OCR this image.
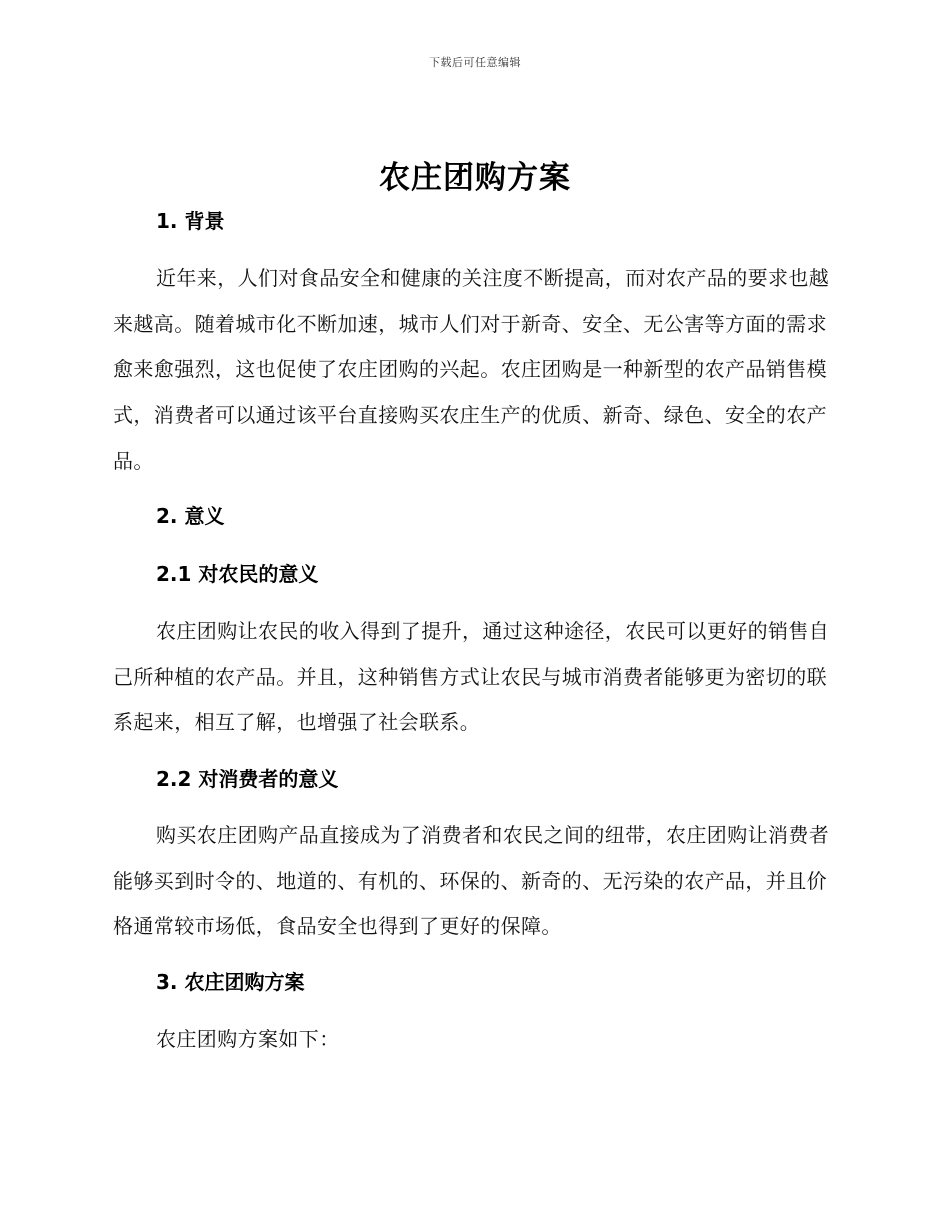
下载后可任意编辑
农庄团购方案
1. 背景

近年来，人们对食品安全和健康的关注度不断提高，而对农产品的要求也越来越高。随着城市化不断加速，城市人们对于新奇、安全、无公害等方面的需求愈来愈强烈，这也促使了农庄团购的兴起。农庄团购是一种新型的农产品销售模式，消费者可以通过该平台直接购买农庄生产的优质、新奇、绿色、安全的农产品。

2. 意义
2.1 对农民的意义

农庄团购让农民的收入得到了提升，通过这种途径，农民可以更好的销售自己所种植的农产品。并且，这种销售方式让农民与城市消费者能够更为密切的联系起来，相互了解，也增强了社会联系。

2.2 对消费者的意义

购买农庄团购产品直接成为了消费者和农民之间的纽带，农庄团购让消费者能够买到时令的、地道的、有机的、环保的、新奇的、无污染的农产品，并且价格通常较市场低，食品安全也得到了更好的保障。

3. 农庄团购方案

农庄团购方案如下：
